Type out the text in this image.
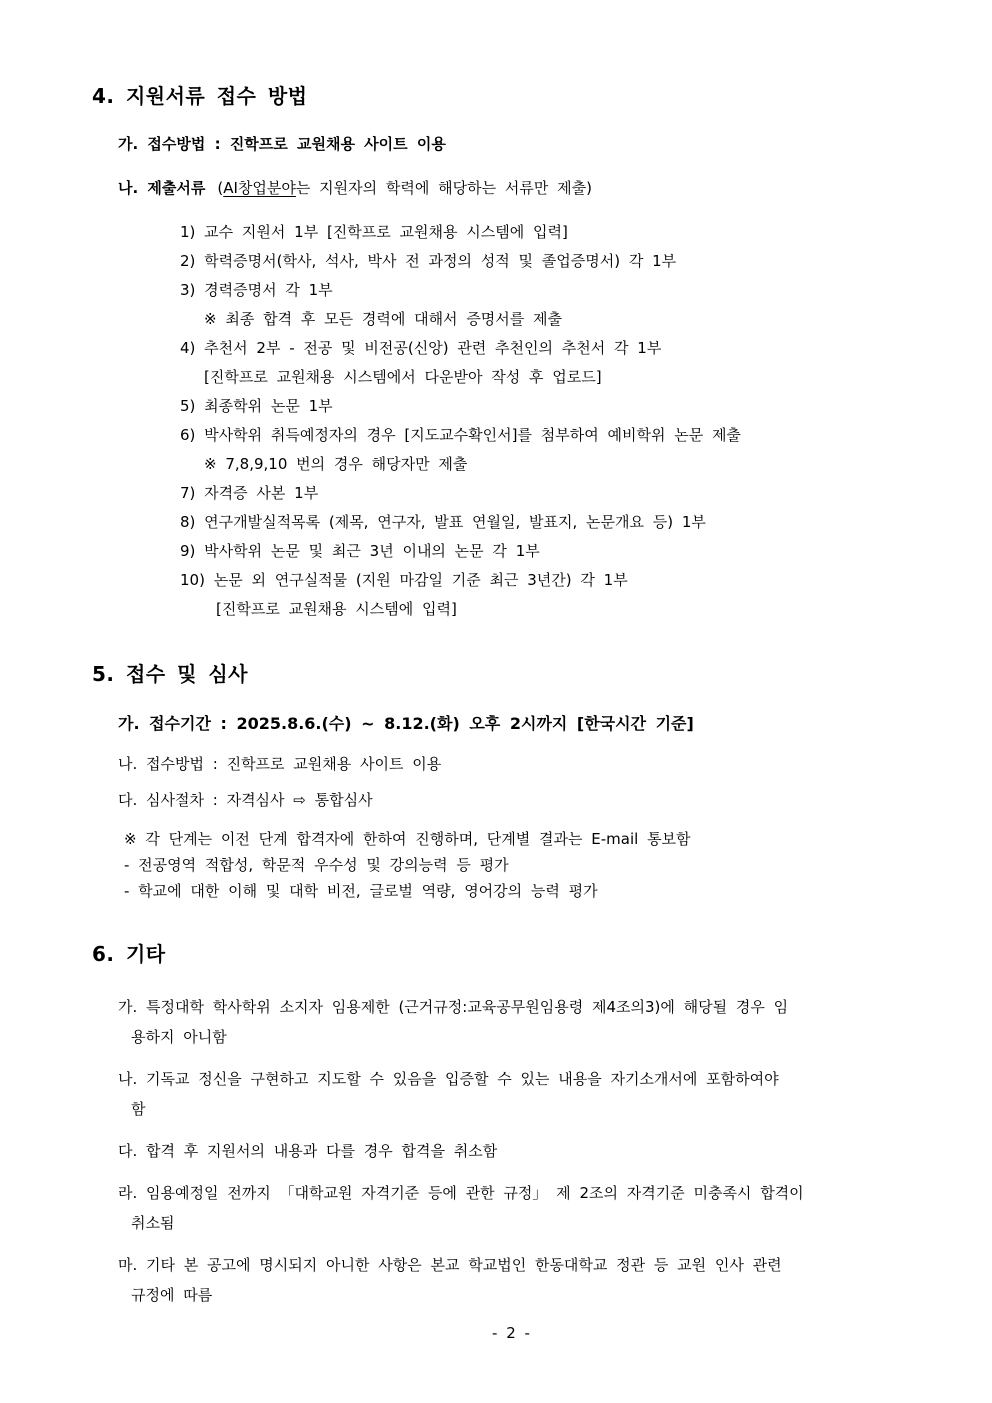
4. 지원서류 접수 방법

가. 접수방법 : 진학프로 교원채용 사이트 이용

나. 제출서류 (AI창업분야는 지원자의 학력에 해당하는 서류만 제출)

1) 교수 지원서 1부 [진학프로 교원채용 시스템에 입력]

2) 학력증명서(학사, 석사, 박사 전 과정의 성적 및 졸업증명서) 각 1부

3) 경력증명서 각 1부

※ 최종 합격 후 모든 경력에 대해서 증명서를 제출

4) 추천서 2부 - 전공 및 비전공(신앙) 관련 추천인의 추천서 각 1부

[진학프로 교원채용 시스템에서 다운받아 작성 후 업로드]

5) 최종학위 논문 1부

6) 박사학위 취득예정자의 경우 [지도교수확인서]를 첨부하여 예비학위 논문 제출

※ 7,8,9,10 번의 경우 해당자만 제출

7) 자격증 사본 1부

8) 연구개발실적목록 (제목, 연구자, 발표 연월일, 발표지, 논문개요 등) 1부

9) 박사학위 논문 및 최근 3년 이내의 논문 각 1부

10) 논문 외 연구실적물 (지원 마감일 기준 최근 3년간) 각 1부

[진학프로 교원채용 시스템에 입력]

5. 접수 및 심사

가. 접수기간 : 2025.8.6.(수) ~ 8.12.(화) 오후 2시까지 [한국시간 기준]

나. 접수방법 : 진학프로 교원채용 사이트 이용

다. 심사절차 : 자격심사 ⇨ 통합심사

※ 각 단계는 이전 단계 합격자에 한하여 진행하며, 단계별 결과는 E-mail 통보함

- 전공영역 적합성, 학문적 우수성 및 강의능력 등 평가

- 학교에 대한 이해 및 대학 비전, 글로벌 역량, 영어강의 능력 평가

6. 기타

가. 특정대학 학사학위 소지자 임용제한 (근거규정:교육공무원임용령 제4조의3)에 해당될 경우 임

용하지 아니함

나. 기독교 정신을 구현하고 지도할 수 있음을 입증할 수 있는 내용을 자기소개서에 포함하여야

함

다. 합격 후 지원서의 내용과 다를 경우 합격을 취소함

라. 임용예정일 전까지 「대학교원 자격기준 등에 관한 규정」 제 2조의 자격기준 미충족시 합격이

취소됨

마. 기타 본 공고에 명시되지 아니한 사항은 본교 학교법인 한동대학교 정관 등 교원 인사 관련

규정에 따름

- 2 -
